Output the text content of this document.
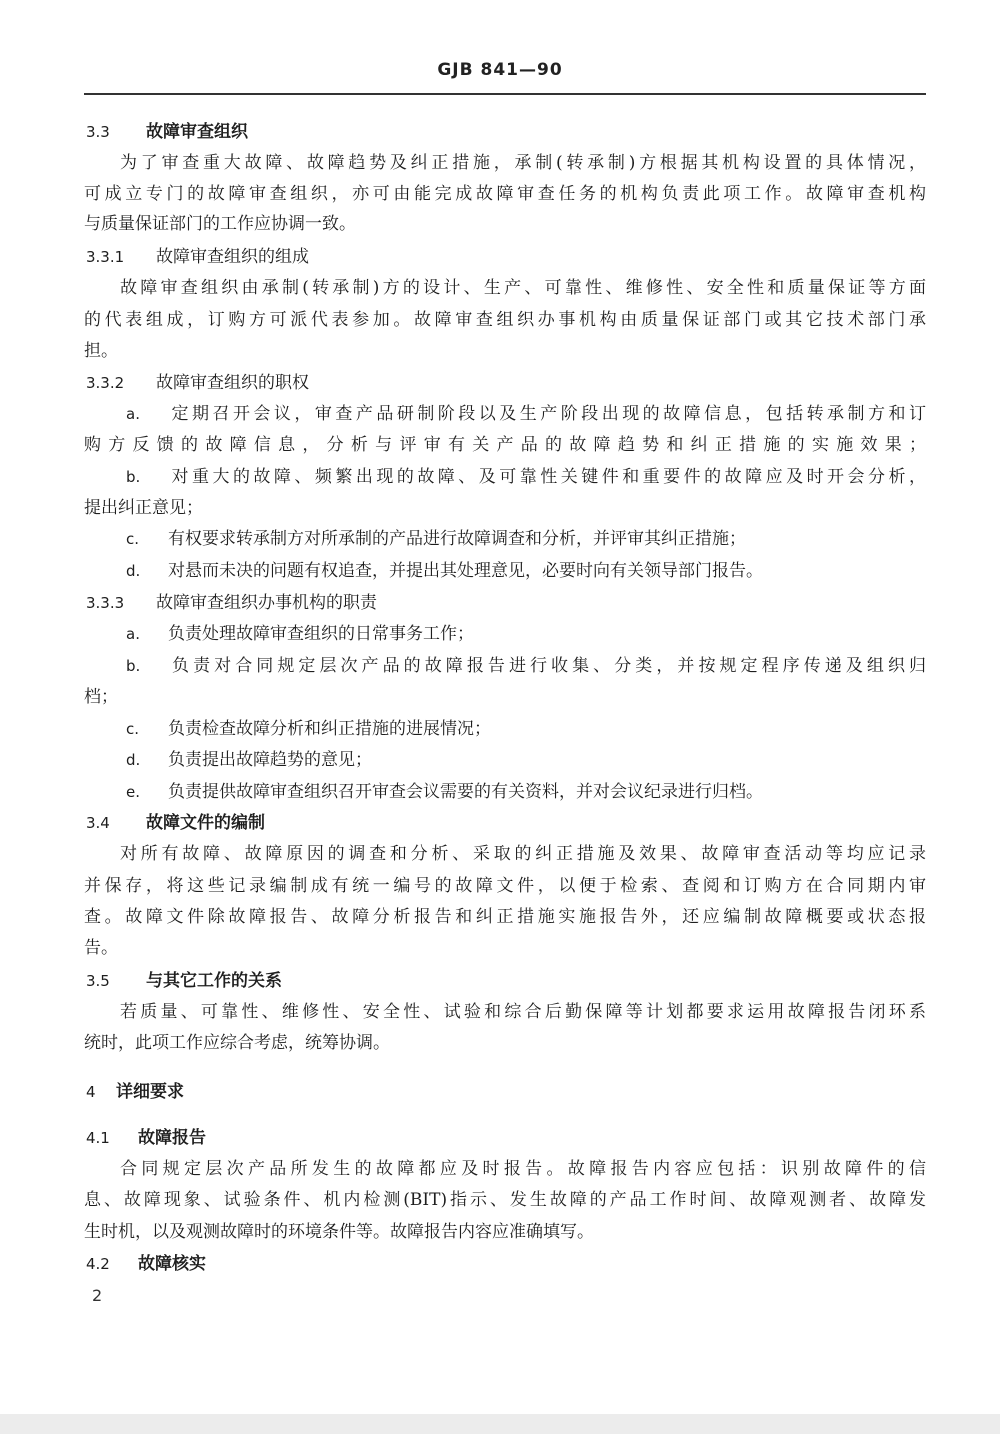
GJB 841—90
3.3 故障审查组织
为了审查重大故障、故障趋势及纠正措施，承制(转承制)方根据其机构设置的具体情况，
可成立专门的故障审查组织，亦可由能完成故障审查任务的机构负责此项工作。故障审查机构
与质量保证部门的工作应协调一致。
3.3.1 故障审查组织的组成
故障审查组织由承制(转承制)方的设计、生产、可靠性、维修性、安全性和质量保证等方面
的代表组成，订购方可派代表参加。故障审查组织办事机构由质量保证部门或其它技术部门承
担。
3.3.2 故障审查组织的职权
a. 定期召开会议，审查产品研制阶段以及生产阶段出现的故障信息，包括转承制方和订
购方反馈的故障信息，分析与评审有关产品的故障趋势和纠正措施的实施效果；
b. 对重大的故障、频繁出现的故障、及可靠性关键件和重要件的故障应及时开会分析，
提出纠正意见；
c. 有权要求转承制方对所承制的产品进行故障调查和分析，并评审其纠正措施；
d. 对悬而未决的问题有权追查，并提出其处理意见，必要时向有关领导部门报告。
3.3.3 故障审查组织办事机构的职责
a. 负责处理故障审查组织的日常事务工作；
b. 负责对合同规定层次产品的故障报告进行收集、分类，并按规定程序传递及组织归
档；
c. 负责检查故障分析和纠正措施的进展情况；
d. 负责提出故障趋势的意见；
e. 负责提供故障审查组织召开审查会议需要的有关资料，并对会议纪录进行归档。
3.4 故障文件的编制
对所有故障、故障原因的调查和分析、采取的纠正措施及效果、故障审查活动等均应记录
并保存，将这些记录编制成有统一编号的故障文件，以便于检索、查阅和订购方在合同期内审
查。故障文件除故障报告、故障分析报告和纠正措施实施报告外，还应编制故障概要或状态报
告。
3.5 与其它工作的关系
若质量、可靠性、维修性、安全性、试验和综合后勤保障等计划都要求运用故障报告闭环系
统时，此项工作应综合考虑，统筹协调。
4 详细要求
4.1 故障报告
合同规定层次产品所发生的故障都应及时报告。故障报告内容应包括：识别故障件的信
息、故障现象、试验条件、机内检测(BIT)指示、发生故障的产品工作时间、故障观测者、故障发
生时机，以及观测故障时的环境条件等。故障报告内容应准确填写。
4.2 故障核实
2
